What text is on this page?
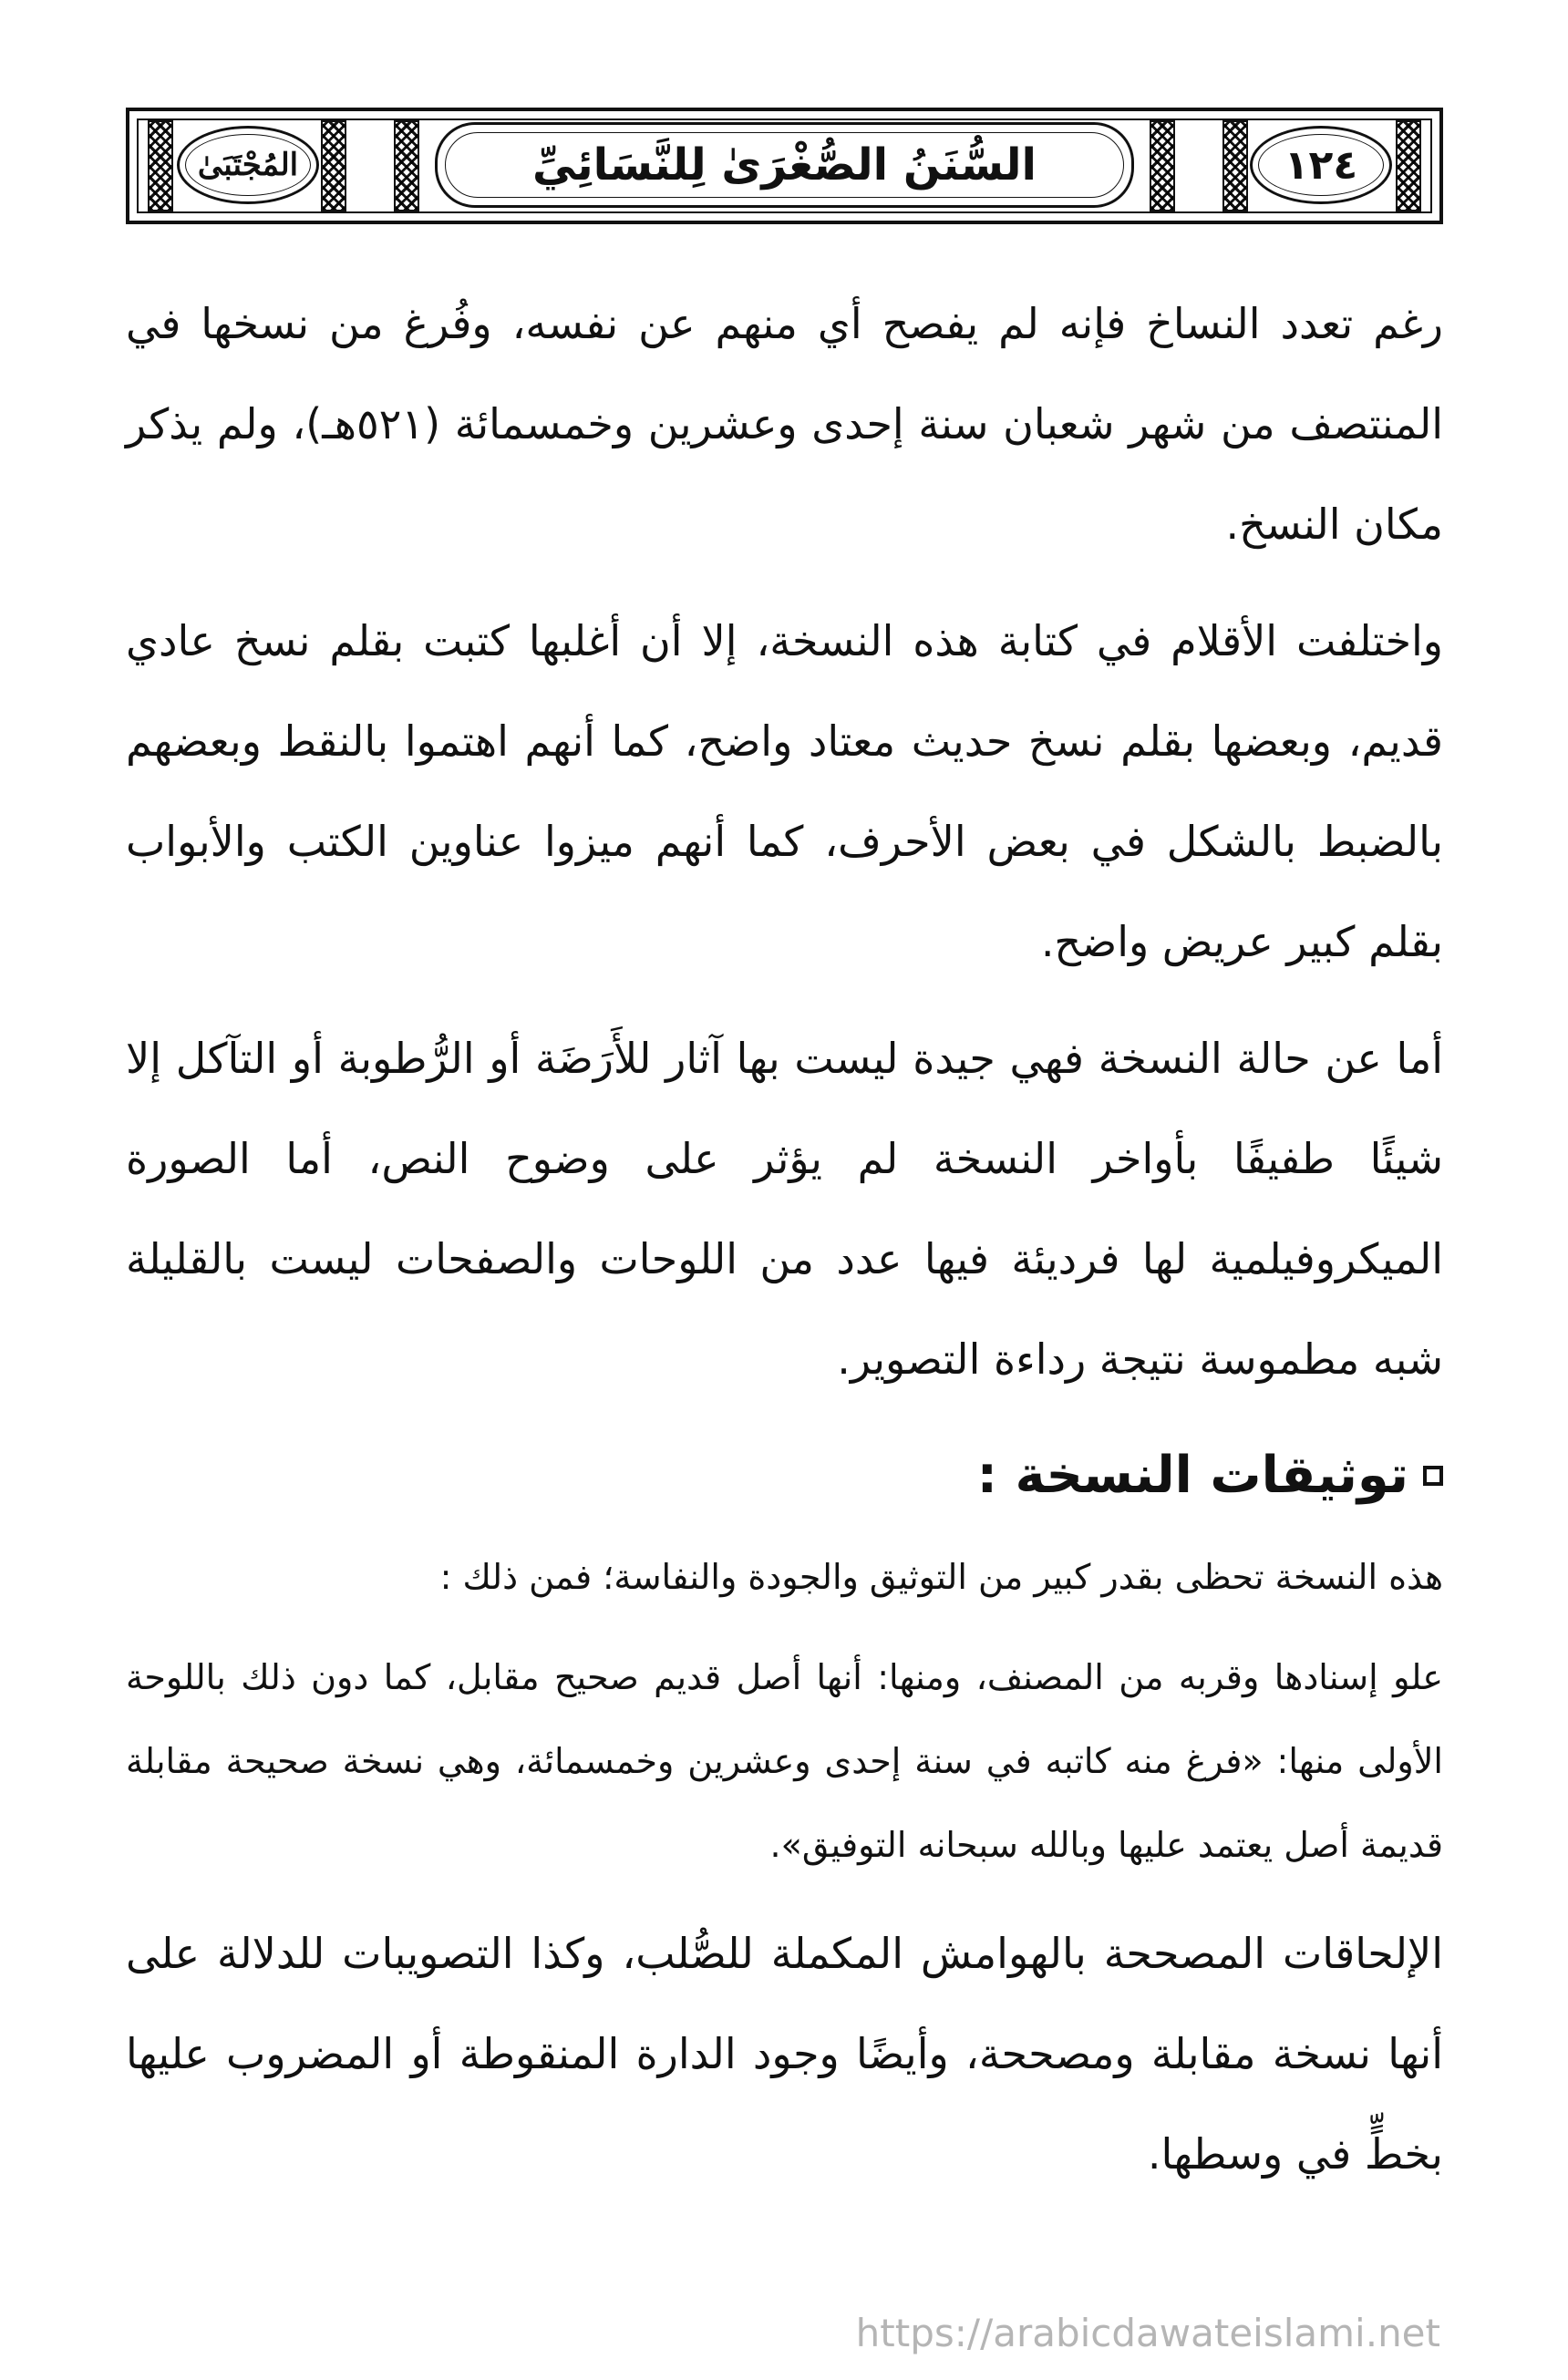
المُجْتَبَىٰ	السُّنَنُ الصُّغْرَىٰ لِلنَّسَائِيِّ	١٢٤

رغم تعدد النساخ فإنه لم يفصح أي منهم عن نفسه، وفُرغ من نسخها في المنتصف من شهر شعبان سنة إحدى وعشرين وخمسمائة (٥٢١هـ)، ولم يذكر مكان النسخ.

واختلفت الأقلام في كتابة هذه النسخة، إلا أن أغلبها كتبت بقلم نسخ عادي قديم، وبعضها بقلم نسخ حديث معتاد واضح، كما أنهم اهتموا بالنقط وبعضهم بالضبط بالشكل في بعض الأحرف، كما أنهم ميزوا عناوين الكتب والأبواب بقلم كبير عريض واضح.

أما عن حالة النسخة فهي جيدة ليست بها آثار للأَرَضَة أو الرُّطوبة أو التآكل إلا شيئًا طفيفًا بأواخر النسخة لم يؤثر على وضوح النص، أما الصورة الميكروفيلمية لها فرديئة فيها عدد من اللوحات والصفحات ليست بالقليلة شبه مطموسة نتيجة رداءة التصوير.

توثيقات النسخة :

هذه النسخة تحظى بقدر كبير من التوثيق والجودة والنفاسة؛ فمن ذلك :

علو إسنادها وقربه من المصنف، ومنها: أنها أصل قديم صحيح مقابل، كما دون ذلك باللوحة الأولى منها: «فرغ منه كاتبه في سنة إحدى وعشرين وخمسمائة، وهي نسخة صحيحة مقابلة قديمة أصل يعتمد عليها وبالله سبحانه التوفيق».

الإلحاقات المصححة بالهوامش المكملة للصُّلب، وكذا التصويبات للدلالة على أنها نسخة مقابلة ومصححة، وأيضًا وجود الدارة المنقوطة أو المضروب عليها بخطٍّ في وسطها.

https://arabicdawateislami.net
